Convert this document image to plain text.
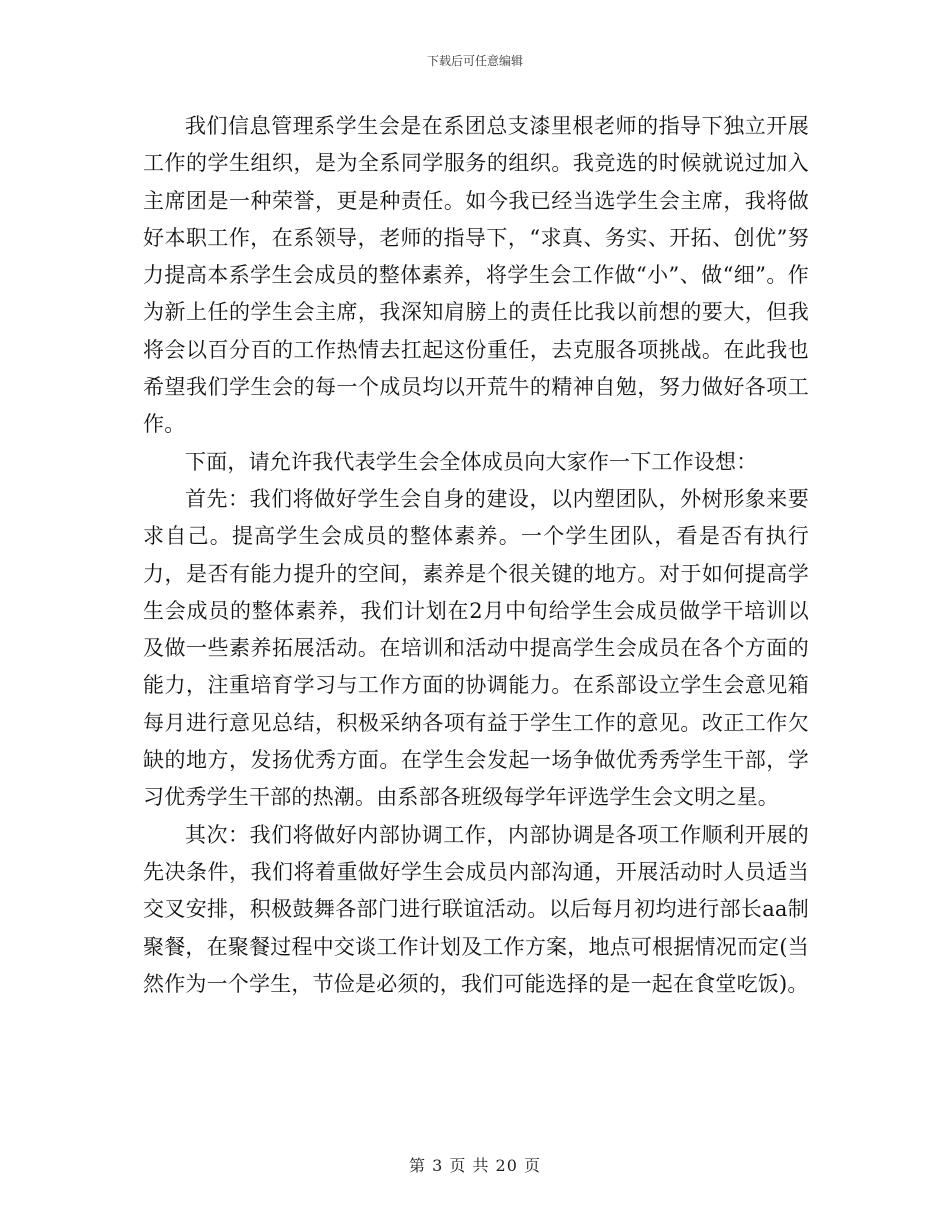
下载后可任意编辑

我们信息管理系学生会是在系团总支漆里根老师的指导下独立开展工作的学生组织，是为全系同学服务的组织。我竞选的时候就说过加入主席团是一种荣誉，更是种责任。如今我已经当选学生会主席，我将做好本职工作，在系领导，老师的指导下，“求真、务实、开拓、创优”努力提高本系学生会成员的整体素养，将学生会工作做“小”、做“细”。作为新上任的学生会主席，我深知肩膀上的责任比我以前想的要大，但我将会以百分百的工作热情去扛起这份重任，去克服各项挑战。在此我也希望我们学生会的每一个成员均以开荒牛的精神自勉，努力做好各项工作。

下面，请允许我代表学生会全体成员向大家作一下工作设想：

首先：我们将做好学生会自身的建设，以内塑团队，外树形象来要求自己。提高学生会成员的整体素养。一个学生团队，看是否有执行力，是否有能力提升的空间，素养是个很关键的地方。对于如何提高学生会成员的整体素养，我们计划在2月中旬给学生会成员做学干培训以及做一些素养拓展活动。在培训和活动中提高学生会成员在各个方面的能力，注重培育学习与工作方面的协调能力。在系部设立学生会意见箱每月进行意见总结，积极采纳各项有益于学生工作的意见。改正工作欠缺的地方，发扬优秀方面。在学生会发起一场争做优秀秀学生干部，学习优秀学生干部的热潮。由系部各班级每学年评选学生会文明之星。

其次：我们将做好内部协调工作，内部协调是各项工作顺利开展的先决条件，我们将着重做好学生会成员内部沟通，开展活动时人员适当交叉安排，积极鼓舞各部门进行联谊活动。以后每月初均进行部长aa制聚餐，在聚餐过程中交谈工作计划及工作方案，地点可根据情况而定(当然作为一个学生，节俭是必须的，我们可能选择的是一起在食堂吃饭)。

第 3 页 共 20 页
